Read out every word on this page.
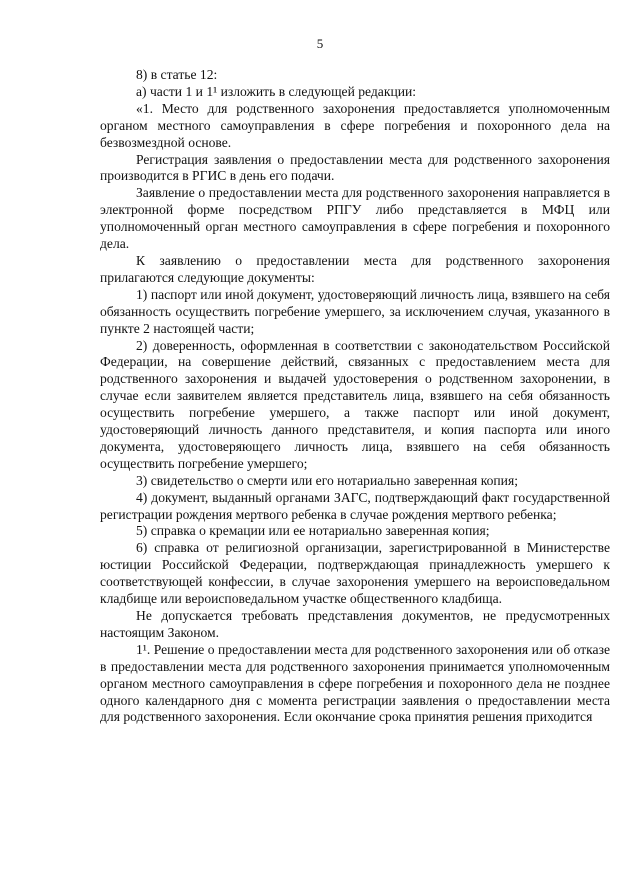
5

8) в статье 12:

а) части 1 и 1¹ изложить в следующей редакции:

«1. Место для родственного захоронения предоставляется уполномоченным органом местного самоуправления в сфере погребения и похоронного дела на безвозмездной основе.

Регистрация заявления о предоставлении места для родственного захоронения производится в РГИС в день его подачи.

Заявление о предоставлении места для родственного захоронения направляется в электронной форме посредством РПГУ либо представляется в МФЦ или уполномоченный орган местного самоуправления в сфере погребения и похоронного дела.

К заявлению о предоставлении места для родственного захоронения прилагаются следующие документы:

1) паспорт или иной документ, удостоверяющий личность лица, взявшего на себя обязанность осуществить погребение умершего, за исключением случая, указанного в пункте 2 настоящей части;

2) доверенность, оформленная в соответствии с законодательством Российской Федерации, на совершение действий, связанных с предоставлением места для родственного захоронения и выдачей удостоверения о родственном захоронении, в случае если заявителем является представитель лица, взявшего на себя обязанность осуществить погребение умершего, а также паспорт или иной документ, удостоверяющий личность данного представителя, и копия паспорта или иного документа, удостоверяющего личность лица, взявшего на себя обязанность осуществить погребение умершего;

3) свидетельство о смерти или его нотариально заверенная копия;

4) документ, выданный органами ЗАГС, подтверждающий факт государственной регистрации рождения мертвого ребенка в случае рождения мертвого ребенка;

5) справка о кремации или ее нотариально заверенная копия;

6) справка от религиозной организации, зарегистрированной в Министерстве юстиции Российской Федерации, подтверждающая принадлежность умершего к соответствующей конфессии, в случае захоронения умершего на вероисповедальном кладбище или вероисповедальном участке общественного кладбища.

Не допускается требовать представления документов, не предусмотренных настоящим Законом.

1¹. Решение о предоставлении места для родственного захоронения или об отказе в предоставлении места для родственного захоронения принимается уполномоченным органом местного самоуправления в сфере погребения и похоронного дела не позднее одного календарного дня с момента регистрации заявления о предоставлении места для родственного захоронения. Если окончание срока принятия решения приходится
